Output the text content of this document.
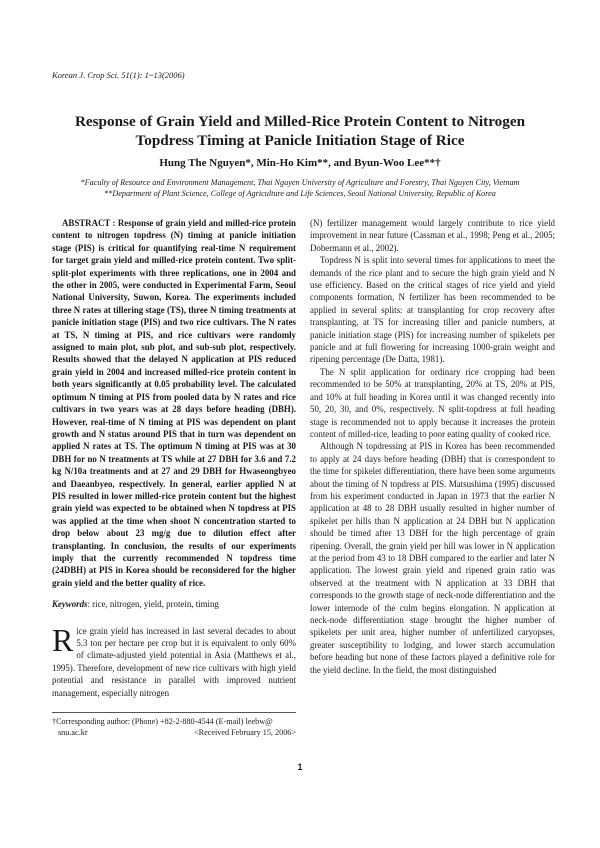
Korean J. Crop Sci. 51(1): 1~13(2006)
Response of Grain Yield and Milled-Rice Protein Content to Nitrogen
Topdress Timing at Panicle Initiation Stage of Rice
Hung The Nguyen*, Min-Ho Kim**, and Byun-Woo Lee**†
*Faculty of Resource and Environment Management, Thai Nguyen University of Agriculture and Forestry, Thai Nguyen City, Vietnam
**Department of Plant Science, College of Agriculture and Life Sciences, Seoul National University, Republic of Korea

ABSTRACT : Response of grain yield and milled-rice protein content to nitrogen topdress (N) timing at panicle initiation stage (PIS) is critical for quantifying real-time N requirement for target grain yield and milled-rice protein content. Two split-split-plot experiments with three replications, one in 2004 and the other in 2005, were conducted in Experimental Farm, Seoul National University, Suwon, Korea. The experiments included three N rates at tillering stage (TS), three N timing treatments at panicle initiation stage (PIS) and two rice cultivars. The N rates at TS, N timing at PIS, and rice cultivars were randomly assigned to main plot, sub plot, and sub-sub plot, respectively. Results showed that the delayed N application at PIS reduced grain yield in 2004 and increased milled-rice protein content in both years significantly at 0.05 probability level. The calculated optimum N timing at PIS from pooled data by N rates and rice cultivars in two years was at 28 days before heading (DBH). However, real-time of N timing at PIS was dependent on plant growth and N status around PIS that in turn was dependent on applied N rates at TS. The optimum N timing at PIS was at 30 DBH for no N treatments at TS while at 27 DBH for 3.6 and 7.2 kg N/10a treatments and at 27 and 29 DBH for Hwaseongbyeo and Daeanbyeo, respectively. In general, earlier applied N at PIS resulted in lower milled-rice protein content but the highest grain yield was expected to be obtained when N topdress at PIS was applied at the time when shoot N concentration started to drop below about 23 mg/g due to dilution effect after transplanting. In conclusion, the results of our experiments imply that the currently recommended N topdress time (24DBH) at PIS in Korea should be reconsidered for the higher grain yield and the better quality of rice.

Keywords: rice, nitrogen, yield, protein, timing

Rice grain yield has increased in last several decades to about 5.3 ton per hectare per crop but it is equivalent to only 60% of climate-adjusted yield potential in Asia (Matthews et al., 1995). Therefore, development of new rice cultivars with high yield potential and resistance in parallel with improved nutrient management, especially nitrogen

(N) fertilizer management would largely contribute to rice yield improvement in near future (Cassman et al., 1998; Peng et al., 2005; Dobermann et al., 2002).

Topdress N is split into several times for applications to meet the demands of the rice plant and to secure the high grain yield and N use efficiency. Based on the critical stages of rice yield and yield components formation, N fertilizer has been recommended to be applied in several splits: at transplanting for crop recovery after transplanting, at TS for increasing tiller and panicle numbers, at panicle initiation stage (PIS) for increasing number of spikelets per panicle and at full flowering for increasing 1000-grain weight and ripening percentage (De Datta, 1981).

The N split application for ordinary rice cropping had been recommended to be 50% at transplanting, 20% at TS, 20% at PIS, and 10% at full heading in Korea until it was changed recently into 50, 20, 30, and 0%, respectively. N split-topdress at full heading stage is recommended not to apply because it increases the protein content of milled-rice, leading to poor eating quality of cooked rice.

Although N topdressing at PIS in Korea has been recommended to apply at 24 days before heading (DBH) that is correspondent to the time for spikelet differentiation, there have been some arguments about the timing of N topdress at PIS. Matsushima (1995) discussed from his experiment conducted in Japan in 1973 that the earlier N application at 48 to 28 DBH usually resulted in higher number of spikelet per hills than N application at 24 DBH but N application should be timed after 13 DBH for the high percentage of grain ripening. Overall, the grain yield per hill was lower in N application at the period from 43 to 18 DBH compared to the earlier and later N application. The lowest grain yield and ripened grain ratio was observed at the treatment with N application at 33 DBH that corresponds to the growth stage of neck-node differentiation and the lower internode of the culm begins elongation. N application at neck-node differentiation stage brought the higher number of spikelets per unit area, higher number of unfertilized caryopses, greater susceptibility to lodging, and lower starch accumulation before heading but none of these factors played a definitive role for the yield decline. In the field, the most distinguished

†Corresponding author: (Phone) +82-2-880-4544 (E-mail) leebw@
snu.ac.kr	<Received February 15, 2006>
1
